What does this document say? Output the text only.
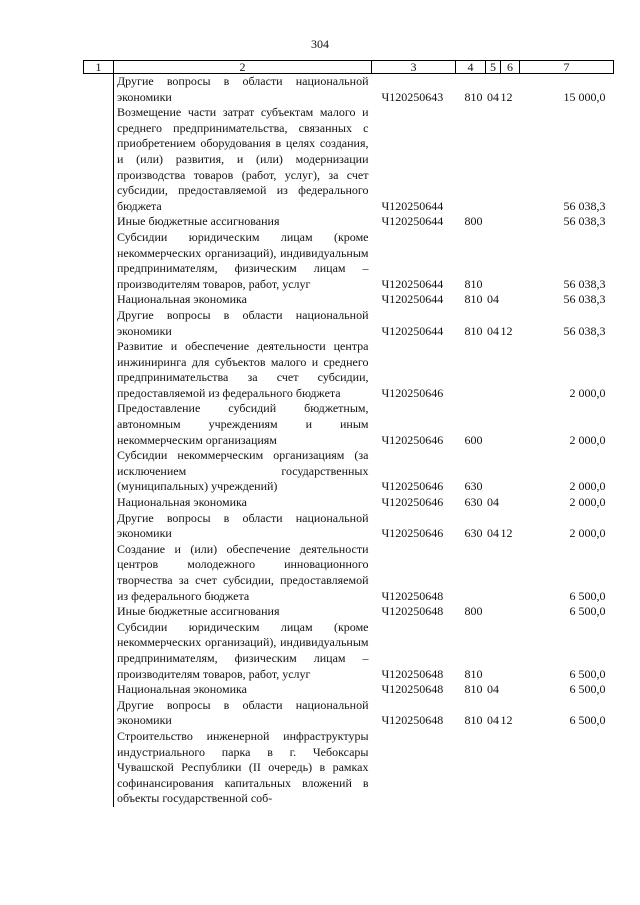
304
1	2	3	4	5	6	7
	Другие вопросы в области национальной экономики	Ч120250643	810	04	12	15 000,0
	Возмещение части затрат субъектам малого и среднего предпринимательства, связанных с приобретением оборудования в целях создания, и (или) развития, и (или) модернизации производства товаров (работ, услуг), за счет субсидии, предоставляемой из федерального бюджета	Ч120250644				56 038,3
	Иные бюджетные ассигнования	Ч120250644	800			56 038,3
	Субсидии юридическим лицам (кроме некоммерческих организаций), индивидуальным предпринимателям, физическим лицам – производителям товаров, работ, услуг	Ч120250644	810			56 038,3
	Национальная экономика	Ч120250644	810	04		56 038,3
	Другие вопросы в области национальной экономики	Ч120250644	810	04	12	56 038,3
	Развитие и обеспечение деятельности центра инжиниринга для субъектов малого и среднего предпринимательства за счет субсидии, предоставляемой из федерального бюджета	Ч120250646				2 000,0
	Предоставление субсидий бюджетным, автономным учреждениям и иным некоммерческим организациям	Ч120250646	600			2 000,0
	Субсидии некоммерческим организациям (за исключением государственных (муниципальных) учреждений)	Ч120250646	630			2 000,0
	Национальная экономика	Ч120250646	630	04		2 000,0
	Другие вопросы в области национальной экономики	Ч120250646	630	04	12	2 000,0
	Создание и (или) обеспечение деятельности центров молодежного инновационного творчества за счет субсидии, предоставляемой из федерального бюджета	Ч120250648				6 500,0
	Иные бюджетные ассигнования	Ч120250648	800			6 500,0
	Субсидии юридическим лицам (кроме некоммерческих организаций), индивидуальным предпринимателям, физическим лицам – производителям товаров, работ, услуг	Ч120250648	810			6 500,0
	Национальная экономика	Ч120250648	810	04		6 500,0
	Другие вопросы в области национальной экономики	Ч120250648	810	04	12	6 500,0
	Строительство инженерной инфраструктуры индустриального парка в г. Чебоксары Чувашской Республики (II очередь) в рамках софинансирования капитальных вложений в объекты государственной соб-					
